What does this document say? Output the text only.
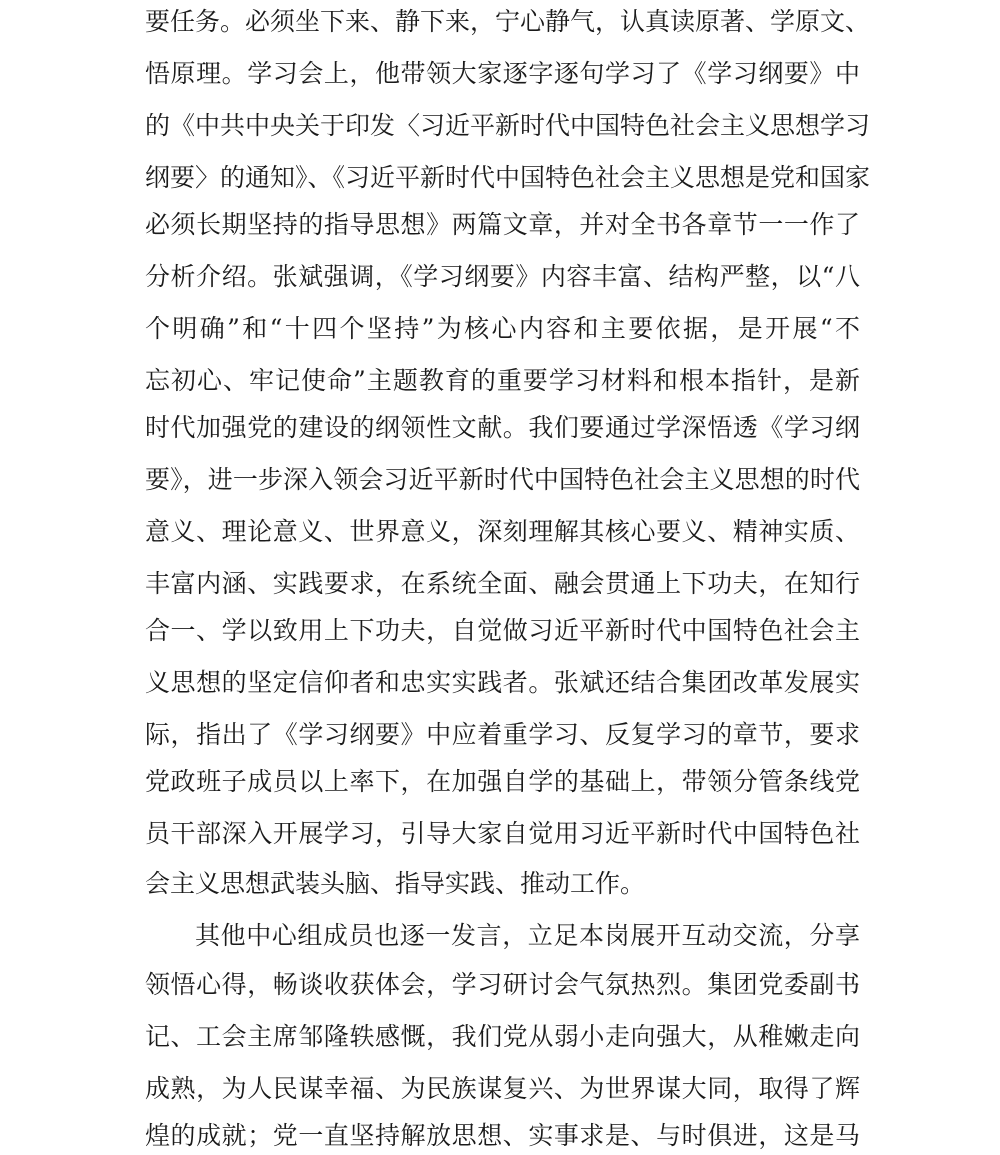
要任务。必须坐下来、静下来，宁心静气，认真读原著、学原文、
悟原理。学习会上，他带领大家逐字逐句学习了《学习纲要》中
的《中共中央关于印发〈习近平新时代中国特色社会主义思想学习
纲要〉的通知》、《习近平新时代中国特色社会主义思想是党和国家
必须长期坚持的指导思想》两篇文章，并对全书各章节一一作了
分析介绍。张斌强调，《学习纲要》内容丰富、结构严整，以“八
个明确”和“十四个坚持”为核心内容和主要依据，是开展“不
忘初心、牢记使命”主题教育的重要学习材料和根本指针，是新
时代加强党的建设的纲领性文献。我们要通过学深悟透《学习纲
要》，进一步深入领会习近平新时代中国特色社会主义思想的时代
意义、理论意义、世界意义，深刻理解其核心要义、精神实质、
丰富内涵、实践要求，在系统全面、融会贯通上下功夫，在知行
合一、学以致用上下功夫，自觉做习近平新时代中国特色社会主
义思想的坚定信仰者和忠实实践者。张斌还结合集团改革发展实
际，指出了《学习纲要》中应着重学习、反复学习的章节，要求
党政班子成员以上率下，在加强自学的基础上，带领分管条线党
员干部深入开展学习，引导大家自觉用习近平新时代中国特色社
会主义思想武装头脑、指导实践、推动工作。
其他中心组成员也逐一发言，立足本岗展开互动交流，分享
领悟心得，畅谈收获体会，学习研讨会气氛热烈。集团党委副书
记、工会主席邹隆轶感慨，我们党从弱小走向强大，从稚嫩走向
成熟，为人民谋幸福、为民族谋复兴、为世界谋大同，取得了辉
煌的成就；党一直坚持解放思想、实事求是、与时俱进，这是马
